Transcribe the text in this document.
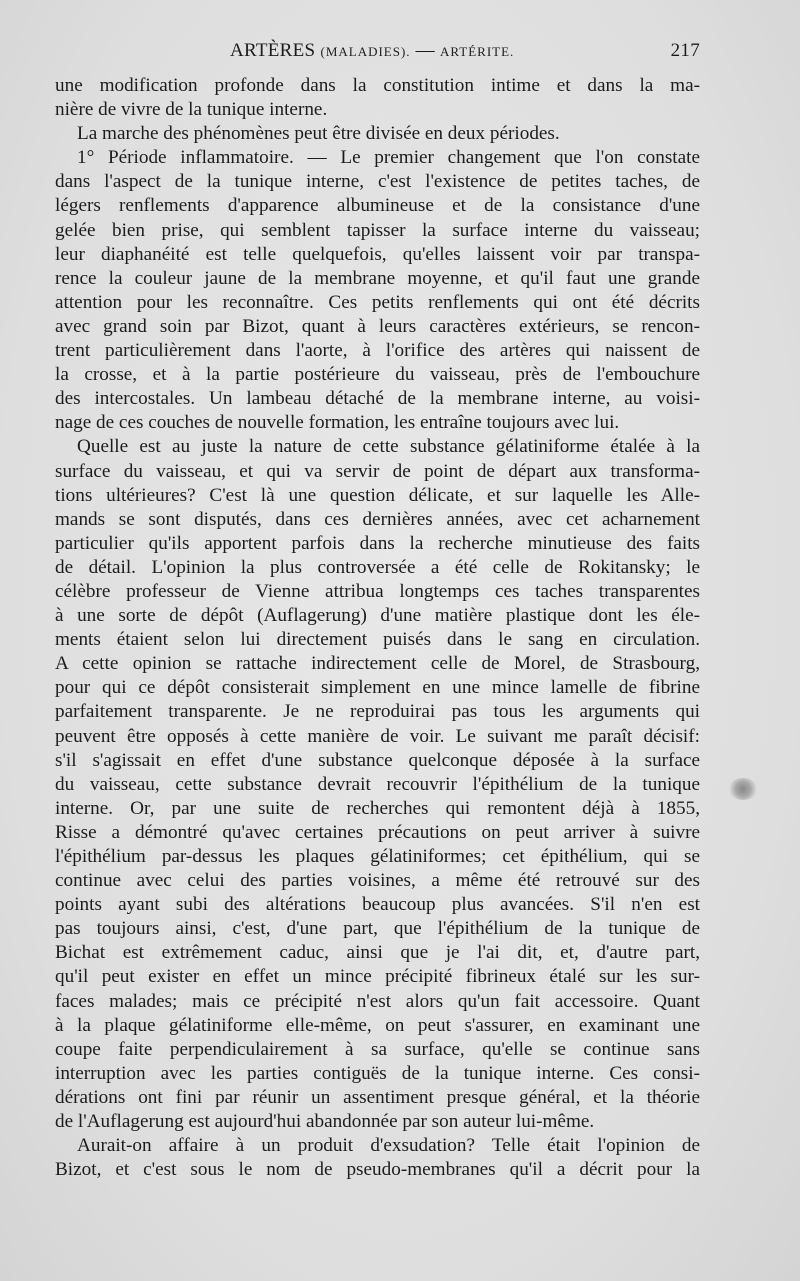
ARTÈRES (MALADIES). — ARTÉRITE.	217
une modification profonde dans la constitution intime et dans la ma-
nière de vivre de la tunique interne.
La marche des phénomènes peut être divisée en deux périodes.
1° Période inflammatoire. — Le premier changement que l'on constate
dans l'aspect de la tunique interne, c'est l'existence de petites taches, de
légers renflements d'apparence albumineuse et de la consistance d'une
gelée bien prise, qui semblent tapisser la surface interne du vaisseau;
leur diaphanéité est telle quelquefois, qu'elles laissent voir par transpa-
rence la couleur jaune de la membrane moyenne, et qu'il faut une grande
attention pour les reconnaître. Ces petits renflements qui ont été décrits
avec grand soin par Bizot, quant à leurs caractères extérieurs, se rencon-
trent particulièrement dans l'aorte, à l'orifice des artères qui naissent de
la crosse, et à la partie postérieure du vaisseau, près de l'embouchure
des intercostales. Un lambeau détaché de la membrane interne, au voisi-
nage de ces couches de nouvelle formation, les entraîne toujours avec lui.
Quelle est au juste la nature de cette substance gélatiniforme étalée à la
surface du vaisseau, et qui va servir de point de départ aux transforma-
tions ultérieures? C'est là une question délicate, et sur laquelle les Alle-
mands se sont disputés, dans ces dernières années, avec cet acharnement
particulier qu'ils apportent parfois dans la recherche minutieuse des faits
de détail. L'opinion la plus controversée a été celle de Rokitansky; le
célèbre professeur de Vienne attribua longtemps ces taches transparentes
à une sorte de dépôt (Auflagerung) d'une matière plastique dont les éle-
ments étaient selon lui directement puisés dans le sang en circulation.
A cette opinion se rattache indirectement celle de Morel, de Strasbourg,
pour qui ce dépôt consisterait simplement en une mince lamelle de fibrine
parfaitement transparente. Je ne reproduirai pas tous les arguments qui
peuvent être opposés à cette manière de voir. Le suivant me paraît décisif:
s'il s'agissait en effet d'une substance quelconque déposée à la surface
du vaisseau, cette substance devrait recouvrir l'épithélium de la tunique
interne. Or, par une suite de recherches qui remontent déjà à 1855,
Risse a démontré qu'avec certaines précautions on peut arriver à suivre
l'épithélium par-dessus les plaques gélatiniformes; cet épithélium, qui se
continue avec celui des parties voisines, a même été retrouvé sur des
points ayant subi des altérations beaucoup plus avancées. S'il n'en est
pas toujours ainsi, c'est, d'une part, que l'épithélium de la tunique de
Bichat est extrêmement caduc, ainsi que je l'ai dit, et, d'autre part,
qu'il peut exister en effet un mince précipité fibrineux étalé sur les sur-
faces malades; mais ce précipité n'est alors qu'un fait accessoire. Quant
à la plaque gélatiniforme elle-même, on peut s'assurer, en examinant une
coupe faite perpendiculairement à sa surface, qu'elle se continue sans
interruption avec les parties contiguës de la tunique interne. Ces consi-
dérations ont fini par réunir un assentiment presque général, et la théorie
de l'Auflagerung est aujourd'hui abandonnée par son auteur lui-même.
Aurait-on affaire à un produit d'exsudation? Telle était l'opinion de
Bizot, et c'est sous le nom de pseudo-membranes qu'il a décrit pour la
